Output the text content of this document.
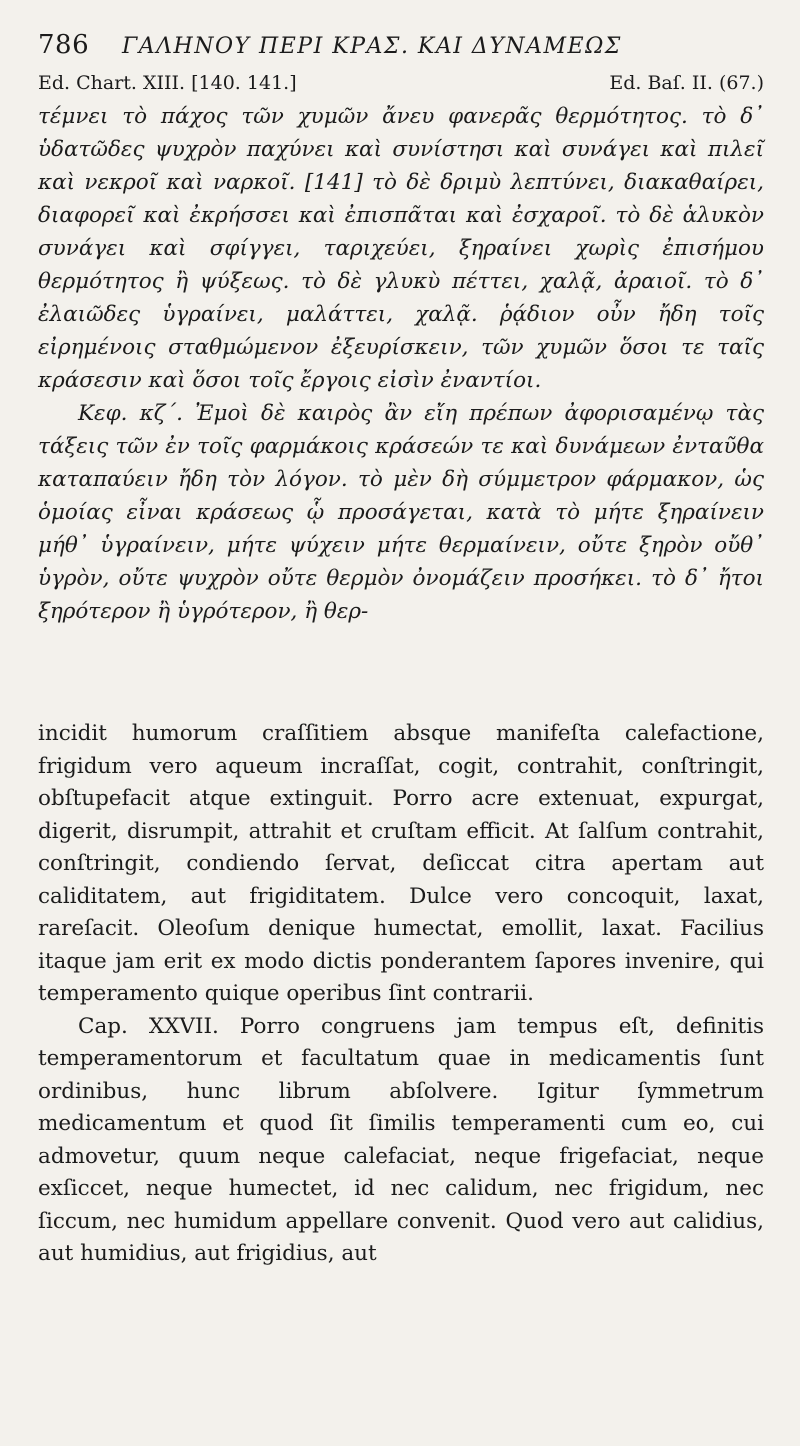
786	ΓΑΛΗΝΟΥ ΠΕΡΙ ΚΡΑΣ. ΚΑΙ ΔΥΝΑΜΕΩΣ
Ed. Chart. XIII. [140. 141.]	Ed. Baſ. II. (67.)

τέμνει τὸ πάχος τῶν χυμῶν ἄνευ φανερᾶς θερμότητος. τὸ δ᾽ ὑδατῶδες ψυχρὸν παχύνει καὶ συνίστησι καὶ συνάγει καὶ πιλεῖ καὶ νεκροῖ καὶ ναρκοῖ. [141] τὸ δὲ δριμὺ λεπτύνει, διακαθαίρει, διαφορεῖ καὶ ἐκρήσσει καὶ ἐπισπᾶται καὶ ἐσχαροῖ. τὸ δὲ ἁλυκὸν συνάγει καὶ σφίγγει, ταριχεύει, ξηραίνει χωρὶς ἐπισήμου θερμότητος ἢ ψύξεως. τὸ δὲ γλυκὺ πέττει, χαλᾷ, ἀραιοῖ. τὸ δ᾽ ἐλαιῶδες ὑγραίνει, μαλάττει, χαλᾷ. ῥᾴδιον οὖν ἤδη τοῖς εἰρημένοις σταθμώμενον ἐξευρίσκειν, τῶν χυμῶν ὅσοι τε ταῖς κράσεσιν καὶ ὅσοι τοῖς ἔργοις εἰσὶν ἐναντίοι.

Κεφ. κζ΄. Ἐμοὶ δὲ καιρὸς ἂν εἴη πρέπων ἀφορισαμένῳ τὰς τάξεις τῶν ἐν τοῖς φαρμάκοις κράσεών τε καὶ δυνάμεων ἐνταῦθα καταπαύειν ἤδη τὸν λόγον. τὸ μὲν δὴ σύμμετρον φάρμακον, ὡς ὁμοίας εἶναι κράσεως ᾧ προσάγεται, κατὰ τὸ μήτε ξηραίνειν μήθ᾽ ὑγραίνειν, μήτε ψύχειν μήτε θερμαίνειν, οὔτε ξηρὸν οὔθ᾽ ὑγρὸν, οὔτε ψυχρὸν οὔτε θερμὸν ὀνομάζειν προσήκει. τὸ δ᾽ ἤτοι ξηρότερον ἢ ὑγρότερον, ἢ θερ-

incidit humorum craſſitiem absque manifeſta calefactione, frigidum vero aqueum incraſſat, cogit, contrahit, conſtringit, obſtupefacit atque extinguit. Porro acre extenuat, expurgat, digerit, disrumpit, attrahit et cruſtam efficit. At ſalſum contrahit, conſtringit, condiendo ſervat, deſiccat citra apertam aut caliditatem, aut frigiditatem. Dulce vero concoquit, laxat, rareſacit. Oleoſum denique humectat, emollit, laxat. Facilius itaque jam erit ex modo dictis ponderantem ſapores invenire, qui temperamento quique operibus ſint contrarii.

Cap. XXVII. Porro congruens jam tempus eſt, definitis temperamentorum et facultatum quae in medicamentis ſunt ordinibus, hunc librum abſolvere. Igitur ſymmetrum medicamentum et quod ſit ſimilis temperamenti cum eo, cui admovetur, quum neque calefaciat, neque frigefaciat, neque exſiccet, neque humectet, id nec calidum, nec frigidum, nec ſiccum, nec humidum appellare convenit. Quod vero aut calidius, aut humidius, aut frigidius, aut
